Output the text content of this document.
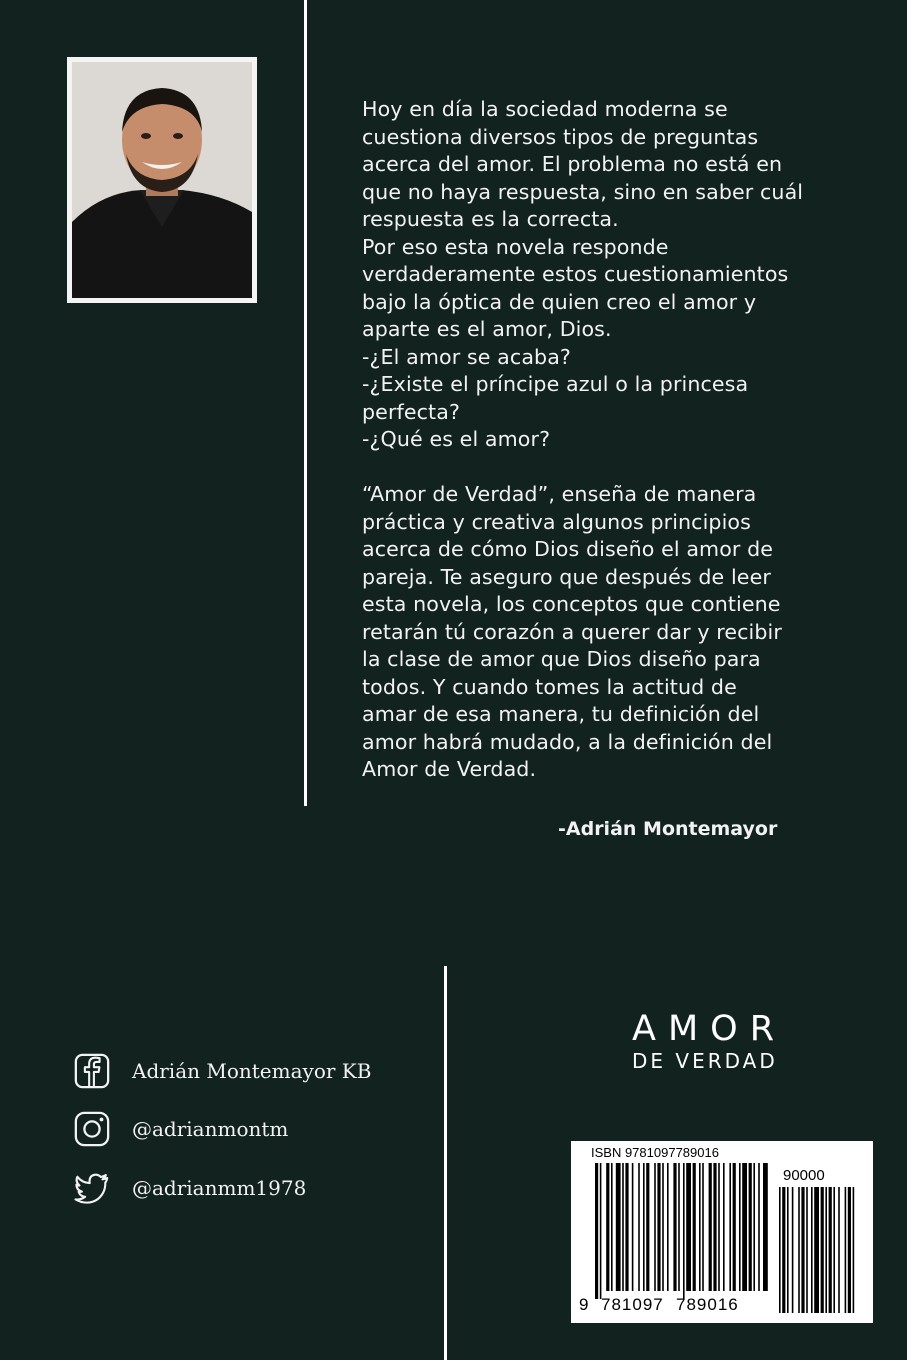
Hoy en día la sociedad moderna se

cuestiona diversos tipos de preguntas

acerca del amor. El problema no está en

que no haya respuesta, sino en saber cuál

respuesta es la correcta.

Por eso esta novela responde

verdaderamente estos cuestionamientos

bajo la óptica de quien creo el amor y

aparte es el amor, Dios.

-¿El amor se acaba?

-¿Existe el príncipe azul o la princesa

perfecta?

-¿Qué es el amor?

“Amor de Verdad”, enseña de manera

práctica y creativa algunos principios

acerca de cómo Dios diseño el amor de

pareja. Te aseguro que después de leer

esta novela, los conceptos que contiene

retarán tú corazón a querer dar y recibir

la clase de amor que Dios diseño para

todos. Y cuando tomes la actitud de

amar de esa manera, tu definición del

amor habrá mudado, a la definición del

Amor de Verdad.

-Adrián Montemayor
Adrián Montemayor KB
@adrianmontm
@adrianmm1978
AMOR
DE VERDAD
ISBN 9781097789016
90000
9 781097 789016
